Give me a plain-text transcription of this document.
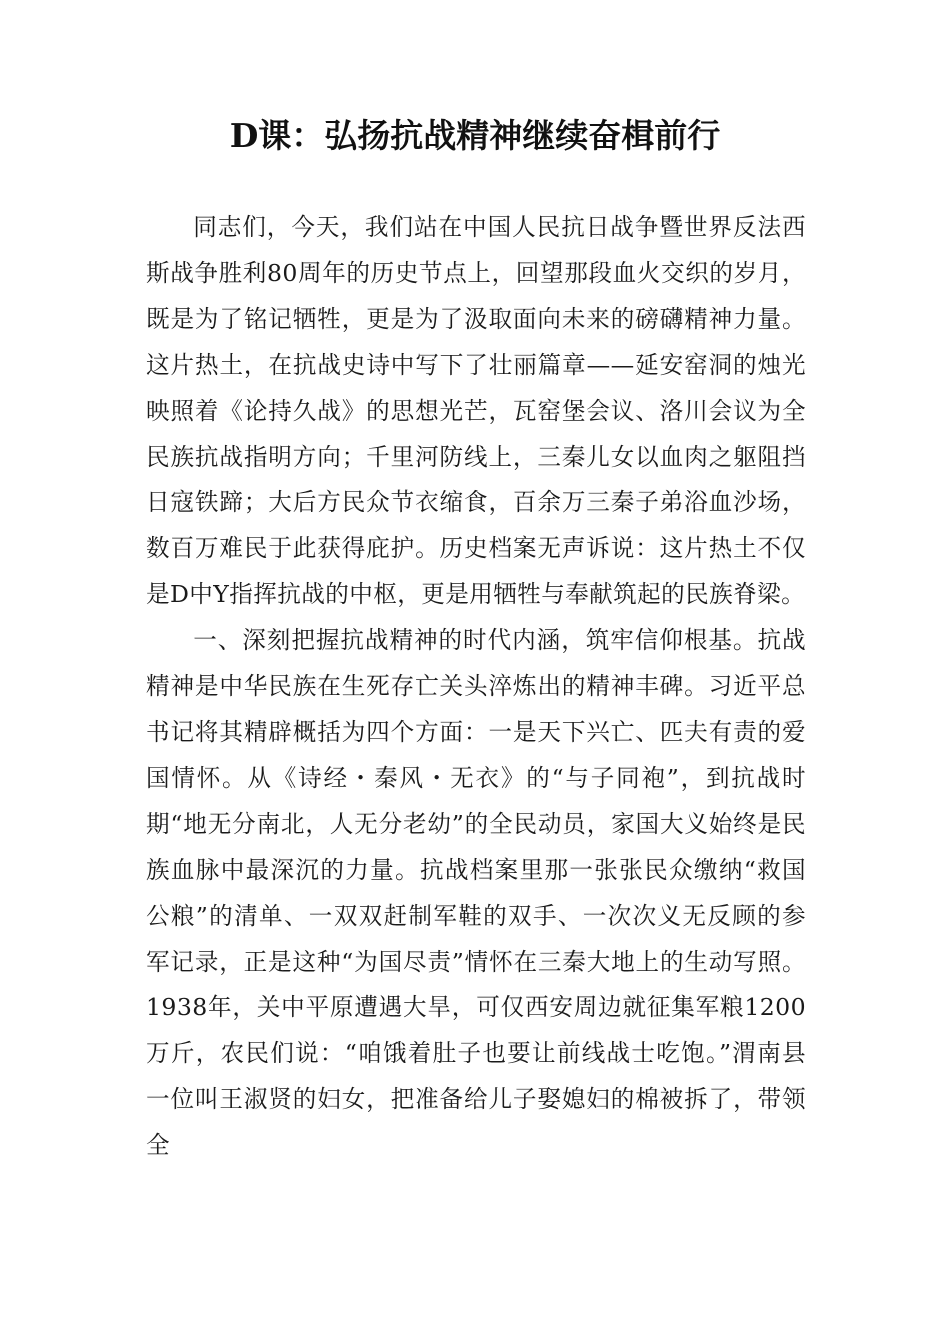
D课：弘扬抗战精神继续奋楫前行

同志们，今天，我们站在中国人民抗日战争暨世界反法西斯战争胜利80周年的历史节点上，回望那段血火交织的岁月，既是为了铭记牺牲，更是为了汲取面向未来的磅礴精神力量。这片热土，在抗战史诗中写下了壮丽篇章——延安窑洞的烛光映照着《论持久战》的思想光芒，瓦窑堡会议、洛川会议为全民族抗战指明方向；千里河防线上，三秦儿女以血肉之躯阻挡日寇铁蹄；大后方民众节衣缩食，百余万三秦子弟浴血沙场，数百万难民于此获得庇护。历史档案无声诉说：这片热土不仅是D中Y指挥抗战的中枢，更是用牺牲与奉献筑起的民族脊梁。

一、深刻把握抗战精神的时代内涵，筑牢信仰根基。抗战精神是中华民族在生死存亡关头淬炼出的精神丰碑。习近平总书记将其精辟概括为四个方面：一是天下兴亡、匹夫有责的爱国情怀。从《诗经・秦风・无衣》的“与子同袍”，到抗战时期“地无分南北，人无分老幼”的全民动员，家国大义始终是民族血脉中最深沉的力量。抗战档案里那一张张民众缴纳“救国公粮”的清单、一双双赶制军鞋的双手、一次次义无反顾的参军记录，正是这种“为国尽责”情怀在三秦大地上的生动写照。1938年，关中平原遭遇大旱，可仅西安周边就征集军粮1200万斤，农民们说：“咱饿着肚子也要让前线战士吃饱。”渭南县一位叫王淑贤的妇女，把准备给儿子娶媳妇的棉被拆了，带领全
